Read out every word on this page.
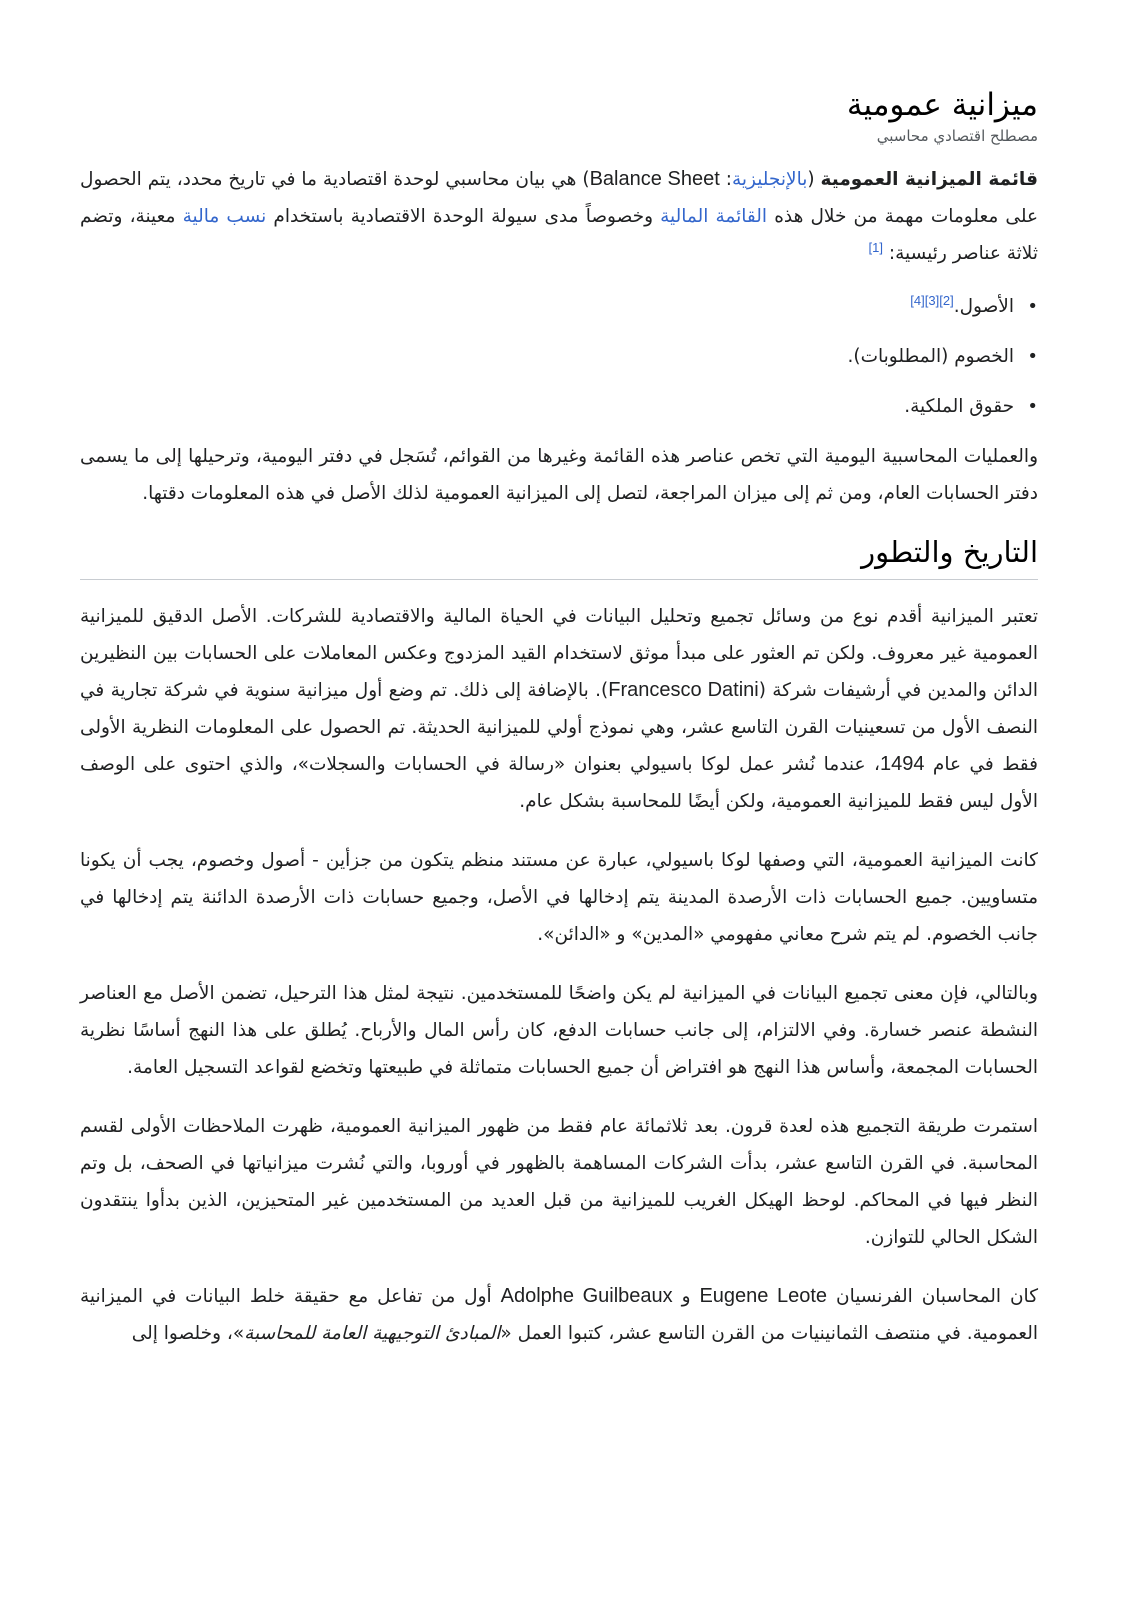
ميزانية عمومية
مصطلح اقتصادي محاسبي

قائمة الميزانية العمومية (بالإنجليزية: Balance Sheet) هي بيان محاسبي لوحدة اقتصادية ما في تاريخ محدد، يتم الحصول على معلومات مهمة من خلال هذه القائمة المالية وخصوصاً مدى سيولة الوحدة الاقتصادية باستخدام نسب مالية معينة، وتضم ثلاثة عناصر رئيسية: [1]

•
الأصول.[2][3][4]
•
الخصوم (المطلوبات).
•
حقوق الملكية.

والعمليات المحاسبية اليومية التي تخص عناصر هذه القائمة وغيرها من القوائم، تُسَجل في دفتر اليومية، وترحيلها إلى ما يسمى دفتر الحسابات العام، ومن ثم إلى ميزان المراجعة، لتصل إلى الميزانية العمومية لذلك الأصل في هذه المعلومات دقتها.

التاريخ والتطور

تعتبر الميزانية أقدم نوع من وسائل تجميع وتحليل البيانات في الحياة المالية والاقتصادية للشركات. الأصل الدقيق للميزانية العمومية غير معروف. ولكن تم العثور على مبدأ موثق لاستخدام القيد المزدوج وعكس المعاملات على الحسابات بين النظيرين الدائن والمدين في أرشيفات شركة (Francesco Datini). بالإضافة إلى ذلك. تم وضع أول ميزانية سنوية في شركة تجارية في النصف الأول من تسعينيات القرن التاسع عشر، وهي نموذج أولي للميزانية الحديثة. تم الحصول على المعلومات النظرية الأولى فقط في عام 1494، عندما نُشر عمل لوكا باسيولي بعنوان «رسالة في الحسابات والسجلات»، والذي احتوى على الوصف الأول ليس فقط للميزانية العمومية، ولكن أيضًا للمحاسبة بشكل عام.

كانت الميزانية العمومية، التي وصفها لوكا باسيولي، عبارة عن مستند منظم يتكون من جزأين - أصول وخصوم، يجب أن يكونا متساويين. جميع الحسابات ذات الأرصدة المدينة يتم إدخالها في الأصل، وجميع حسابات ذات الأرصدة الدائنة يتم إدخالها في جانب الخصوم. لم يتم شرح معاني مفهومي «المدين» و «الدائن».

وبالتالي، فإن معنى تجميع البيانات في الميزانية لم يكن واضحًا للمستخدمين. نتيجة لمثل هذا الترحيل، تضمن الأصل مع العناصر النشطة عنصر خسارة. وفي الالتزام، إلى جانب حسابات الدفع، كان رأس المال والأرباح. يُطلق على هذا النهج أساسًا نظرية الحسابات المجمعة، وأساس هذا النهج هو افتراض أن جميع الحسابات متماثلة في طبيعتها وتخضع لقواعد التسجيل العامة.

استمرت طريقة التجميع هذه لعدة قرون. بعد ثلاثمائة عام فقط من ظهور الميزانية العمومية، ظهرت الملاحظات الأولى لقسم المحاسبة. في القرن التاسع عشر، بدأت الشركات المساهمة بالظهور في أوروبا، والتي نُشرت ميزانياتها في الصحف، بل وتم النظر فيها في المحاكم. لوحظ الهيكل الغريب للميزانية من قبل العديد من المستخدمين غير المتحيزين، الذين بدأوا ينتقدون الشكل الحالي للتوازن.

كان المحاسبان الفرنسيان Eugene Leote و Adolphe Guilbeaux أول من تفاعل مع حقيقة خلط البيانات في الميزانية العمومية. في منتصف الثمانينيات من القرن التاسع عشر، كتبوا العمل «المبادئ التوجيهية العامة للمحاسبة»، وخلصوا إلى
